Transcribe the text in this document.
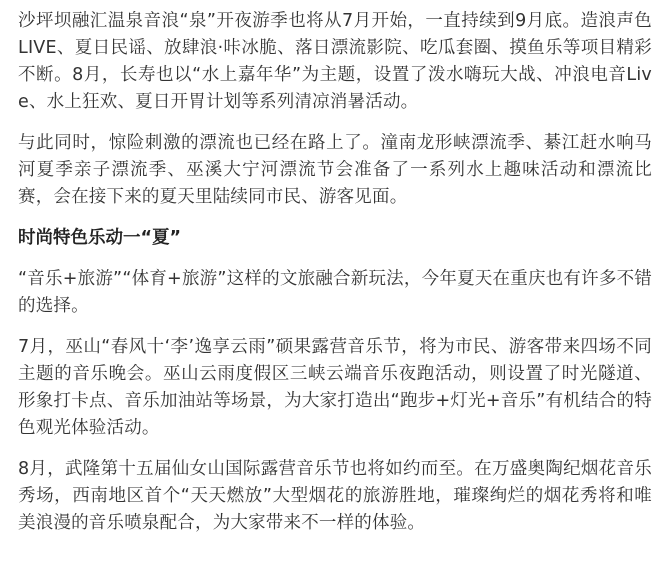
沙坪坝融汇温泉音浪“泉”开夜游季也将从7月开始，一直持续到9月底。造浪声色LIVE、夏日民谣、放肆浪·咔冰脆、落日漂流影院、吃瓜套圈、摸鱼乐等项目精彩不断。8月，长寿也以“水上嘉年华”为主题，设置了泼水嗨玩大战、冲浪电音Live、水上狂欢、夏日开胃计划等系列清凉消暑活动。

与此同时，惊险刺激的漂流也已经在路上了。潼南龙形峡漂流季、綦江赶水响马河夏季亲子漂流季、巫溪大宁河漂流节会准备了一系列水上趣味活动和漂流比赛，会在接下来的夏天里陆续同市民、游客见面。

时尚特色乐动一“夏”

“音乐+旅游”“体育+旅游”这样的文旅融合新玩法，今年夏天在重庆也有许多不错的选择。

7月，巫山“春风十‘李’逸享云雨”硕果露营音乐节，将为市民、游客带来四场不同主题的音乐晚会。巫山云雨度假区三峡云端音乐夜跑活动，则设置了时光隧道、形象打卡点、音乐加油站等场景，为大家打造出“跑步+灯光+音乐”有机结合的特色观光体验活动。

8月，武隆第十五届仙女山国际露营音乐节也将如约而至。在万盛奥陶纪烟花音乐秀场，西南地区首个“天天燃放”大型烟花的旅游胜地，璀璨绚烂的烟花秀将和唯美浪漫的音乐喷泉配合，为大家带来不一样的体验。
